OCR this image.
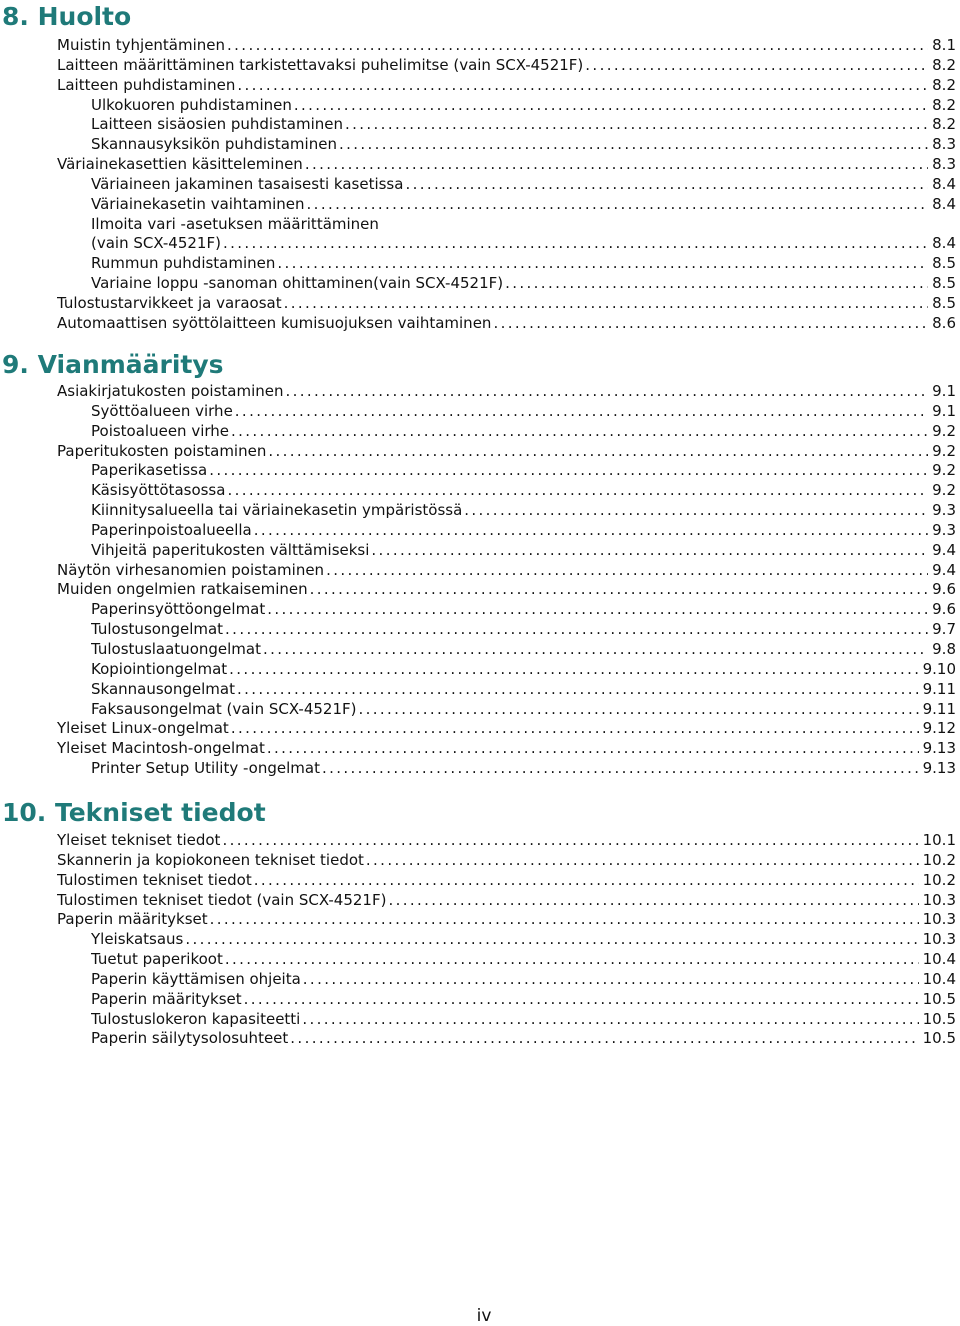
8. Huolto
Muistin tyhjentäminen . . .	8.1
Laitteen määrittäminen tarkistettavaksi puhelimitse (vain SCX-4521F) . . .	8.2
Laitteen puhdistaminen . . .	8.2
Ulkokuoren puhdistaminen . . .	8.2
Laitteen sisäosien puhdistaminen . . .	8.2
Skannausyksikön puhdistaminen . . .	8.3
Väriainekasettien käsitteleminen . . .	8.3
Väriaineen jakaminen tasaisesti kasetissa . . .	8.4
Väriainekasetin vaihtaminen . . .	8.4
Ilmoita vari -asetuksen määrittäminen
(vain SCX-4521F) . . .	8.4
Rummun puhdistaminen . . .	8.5
Variaine loppu -sanoman ohittaminen(vain SCX-4521F) . . .	8.5
Tulostustarvikkeet ja varaosat . . .	8.5
Automaattisen syöttölaitteen kumisuojuksen vaihtaminen . . .	8.6
9. Vianmääritys
Asiakirjatukosten poistaminen . . .	9.1
Syöttöalueen virhe . . .	9.1
Poistoalueen virhe . . .	9.2
Paperitukosten poistaminen . . .	9.2
Paperikasetissa . . .	9.2
Käsisyöttötasossa . . .	9.2
Kiinnitysalueella tai väriainekasetin ympäristössä . . .	9.3
Paperinpoistoalueella . . .	9.3
Vihjeitä paperitukosten välttämiseksi . . .	9.4
Näytön virhesanomien poistaminen . . .	9.4
Muiden ongelmien ratkaiseminen . . .	9.6
Paperinsyöttöongelmat . . .	9.6
Tulostusongelmat . . .	9.7
Tulostuslaatuongelmat . . .	9.8
Kopiointiongelmat . . .	9.10
Skannausongelmat . . .	9.11
Faksausongelmat (vain SCX-4521F) . . .	9.11
Yleiset Linux-ongelmat . . .	9.12
Yleiset Macintosh-ongelmat . . .	9.13
Printer Setup Utility -ongelmat . . .	9.13
10. Tekniset tiedot
Yleiset tekniset tiedot . . .	10.1
Skannerin ja kopiokoneen tekniset tiedot . . .	10.2
Tulostimen tekniset tiedot . . .	10.2
Tulostimen tekniset tiedot (vain SCX-4521F) . . .	10.3
Paperin määritykset . . .	10.3
Yleiskatsaus . . .	10.3
Tuetut paperikoot . . .	10.4
Paperin käyttämisen ohjeita . . .	10.4
Paperin määritykset . . .	10.5
Tulostuslokeron kapasiteetti . . .	10.5
Paperin säilytysolosuhteet . . .	10.5
iv
